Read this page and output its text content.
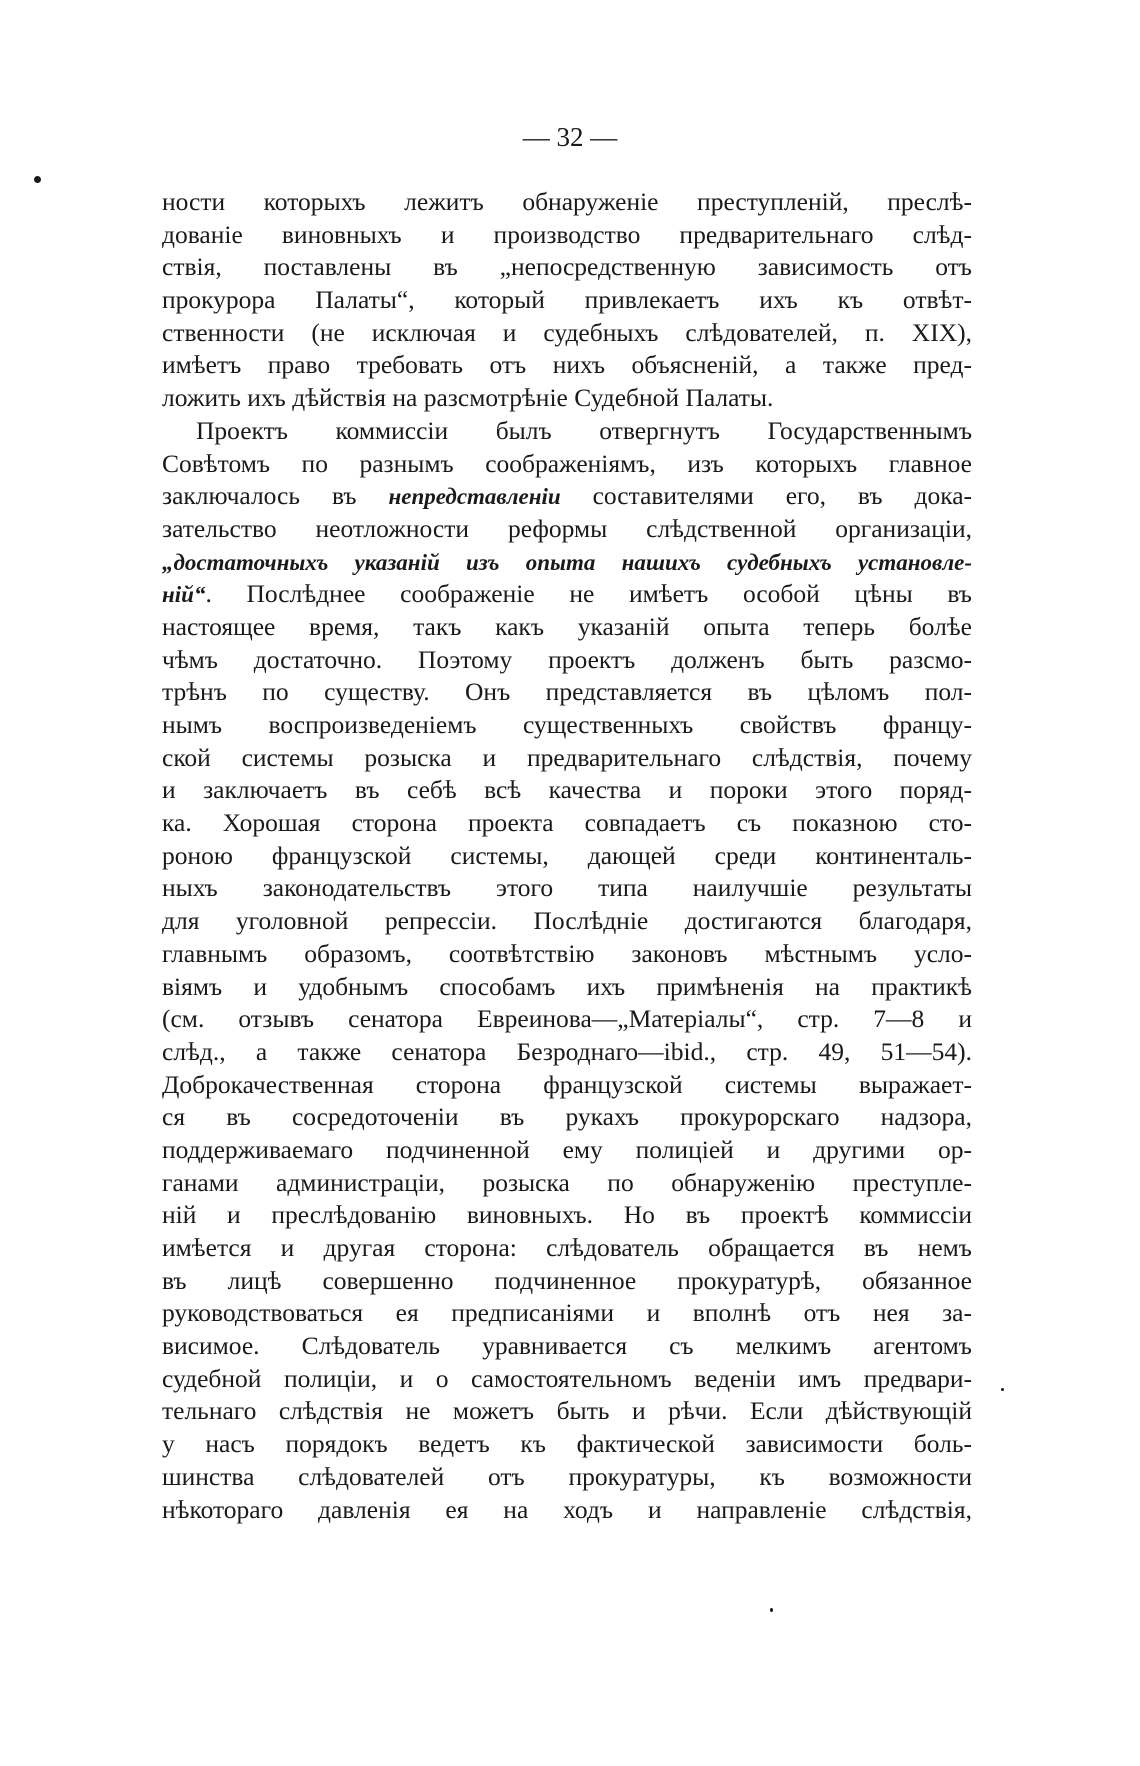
— 32 —
ности которыхъ лежитъ обнаруженіе преступленій, преслѣ-
дованіе виновныхъ и производство предварительнаго слѣд-
ствія, поставлены въ „непосредственную зависимость отъ
прокурора Палаты“, который привлекаетъ ихъ къ отвѣт-
ственности (не исключая и судебныхъ слѣдователей, п. XIX),
имѣетъ право требовать отъ нихъ объясненій, а также пред-
ложить ихъ дѣйствія на разсмотрѣніе Судебной Палаты.
Проектъ коммиссіи былъ отвергнутъ Государственнымъ
Совѣтомъ по разнымъ соображеніямъ, изъ которыхъ главное
заключалось въ непредставленіи составителями его, въ дока-
зательство неотложности реформы слѣдственной организаціи,
„достаточныхъ указаній изъ опыта нашихъ судебныхъ установле-
ній“. Послѣднее соображеніе не имѣетъ особой цѣны въ
настоящее время, такъ какъ указаній опыта теперь болѣе
чѣмъ достаточно. Поэтому проектъ долженъ быть разсмо-
трѣнъ по существу. Онъ представляется въ цѣломъ пол-
нымъ воспроизведеніемъ существенныхъ свойствъ францу-
ской системы розыска и предварительнаго слѣдствія, почему
и заключаетъ въ себѣ всѣ качества и пороки этого поряд-
ка. Хорошая сторона проекта совпадаетъ съ показною сто-
роною французской системы, дающей среди континенталь-
ныхъ законодательствъ этого типа наилучшіе результаты
для уголовной репрессіи. Послѣдніе достигаются благодаря,
главнымъ образомъ, соотвѣтствію законовъ мѣстнымъ усло-
віямъ и удобнымъ способамъ ихъ примѣненія на практикѣ
(см. отзывъ сенатора Евреинова—„Матеріалы“, стр. 7—8 и
слѣд., а также сенатора Безроднаго—ibid., стр. 49, 51—54).
Доброкачественная сторона французской системы выражает-
ся въ сосредоточеніи въ рукахъ прокурорскаго надзора,
поддерживаемаго подчиненной ему полиціей и другими ор-
ганами администраціи, розыска по обнаруженію преступле-
ній и преслѣдованію виновныхъ. Но въ проектѣ коммиссіи
имѣется и другая сторона: слѣдователь обращается въ немъ
въ лицѣ совершенно подчиненное прокуратурѣ, обязанное
руководствоваться ея предписаніями и вполнѣ отъ нея за-
висимое. Слѣдователь уравнивается съ мелкимъ агентомъ
судебной полиціи, и о самостоятельномъ веденіи имъ предвари-
тельнаго слѣдствія не можетъ быть и рѣчи. Если дѣйствующій
у насъ порядокъ ведетъ къ фактической зависимости боль-
шинства слѣдователей отъ прокуратуры, къ возможности
нѣкотораго давленія ея на ходъ и направленіе слѣдствія,
